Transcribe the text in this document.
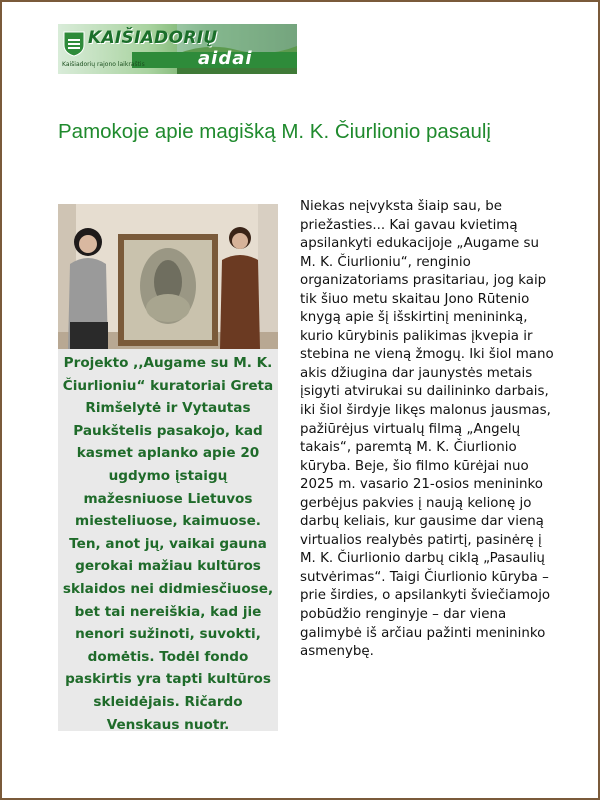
KAIŠIADORIŲ
aidai
Kaišiadorių rajono laikraštis
Pamokoje apie magišką M. K. Čiurlionio pasaulį
Projekto ,,Augame su M. K. Čiurlioniu“ kuratoriai Greta Rimšelytė ir Vytautas Paukštelis pasakojo, kad kasmet aplanko apie 20 ugdymo įstaigų mažesniuose Lietuvos miesteliuose, kaimuose. Ten, anot jų, vaikai gauna gerokai mažiau kultūros sklaidos nei didmiesčiuose, bet tai nereiškia, kad jie nenori sužinoti, suvokti, domėtis. Todėl fondo paskirtis yra tapti kultūros skleidėjais. Ričardo Venskaus nuotr.

Niekas neįvyksta šiaip sau, be priežasties... Kai gavau kvietimą apsilankyti edukacijoje „Augame su M. K. Čiurlioniu“, renginio organizatoriams prasitariau, jog kaip tik šiuo metu skaitau Jono Rūtenio knygą apie šį išskirtinį menininką, kurio kūrybinis palikimas įkvepia ir stebina ne vieną žmogų. Iki šiol mano akis džiugina dar jaunystės metais įsigyti atvirukai su dailininko darbais, iki šiol širdyje likęs malonus jausmas, pažiūrėjus virtualų filmą „Angelų takais“, paremtą M. K. Čiurlionio kūryba. Beje, šio filmo kūrėjai nuo 2025 m. vasario 21-osios menininko gerbėjus pakvies į naują kelionę jo darbų keliais, kur gausime dar vieną virtualios realybės patirtį, pasinėrę į M. K. Čiurlionio darbų ciklą „Pasaulių sutvėrimas“. Taigi Čiurlionio kūryba – prie širdies, o apsilankyti šviečiamojo pobūdžio renginyje – dar viena galimybė iš arčiau pažinti menininko asmenybę.
